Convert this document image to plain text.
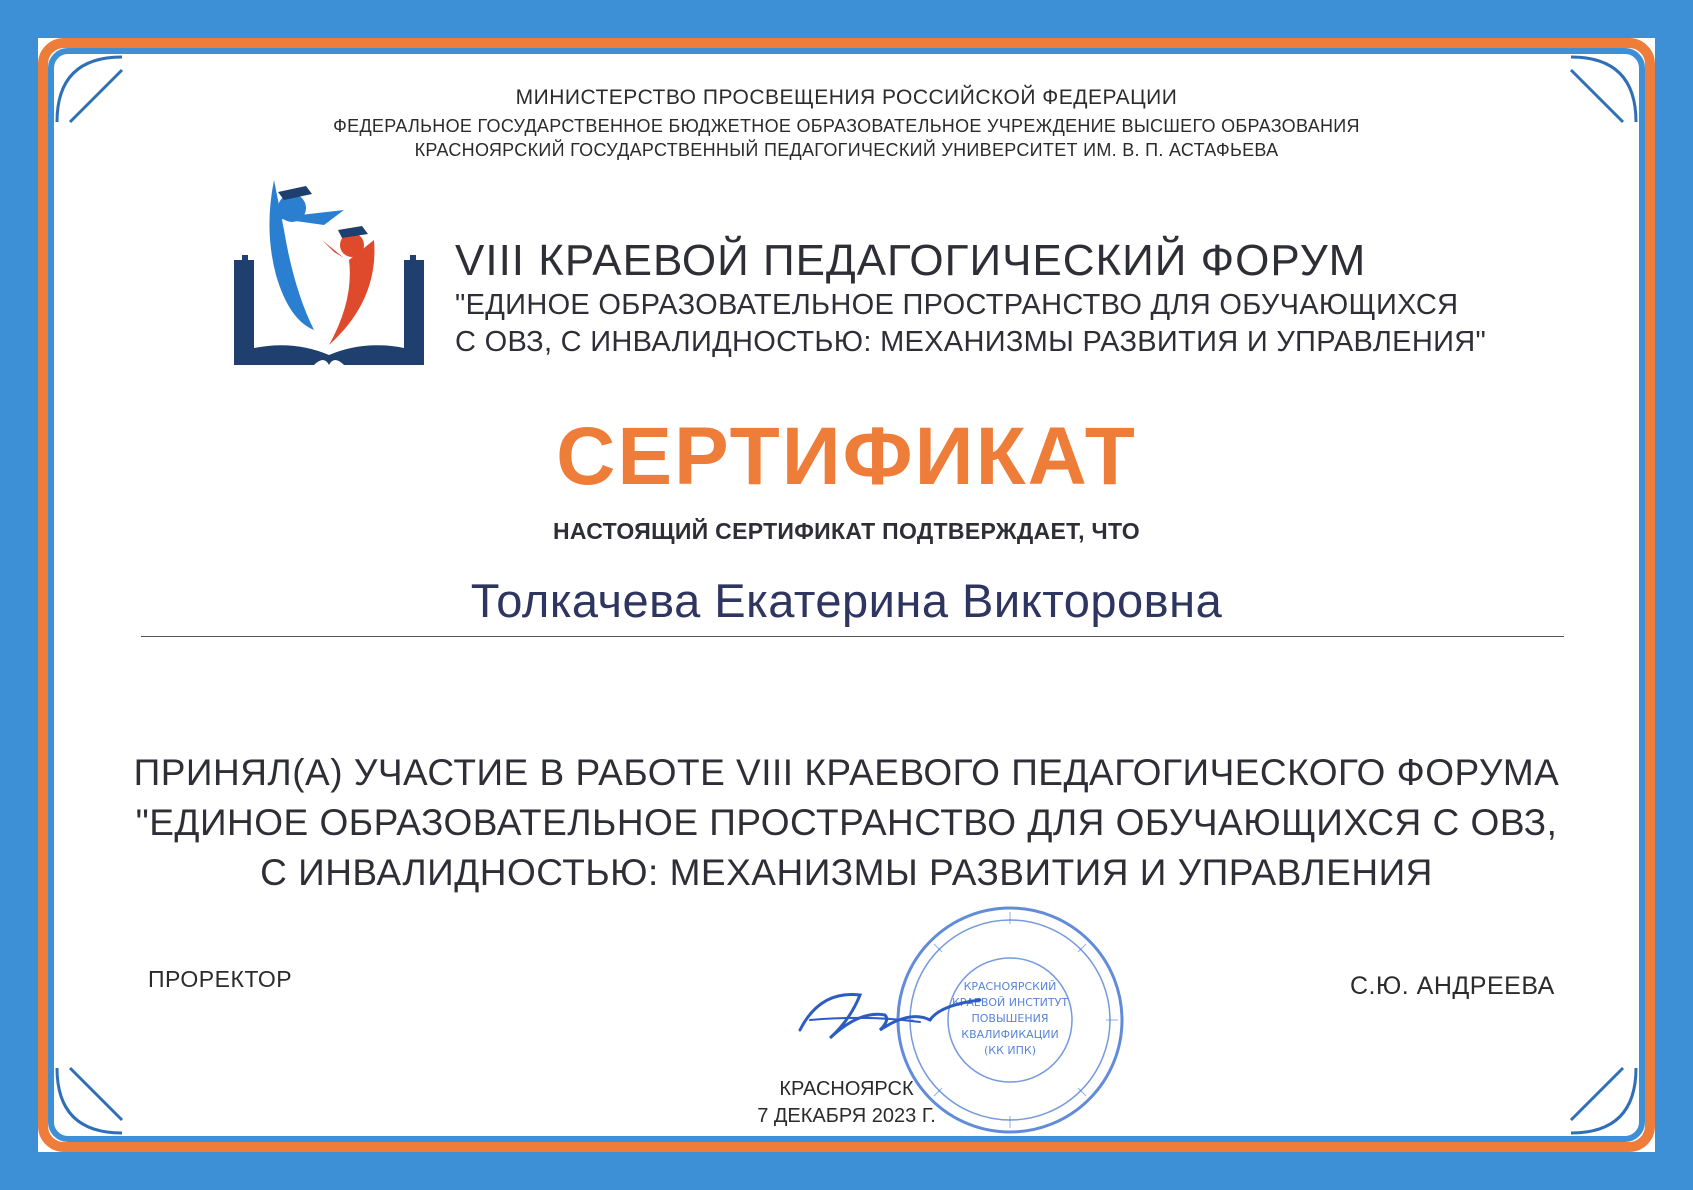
МИНИСТЕРСТВО ПРОСВЕЩЕНИЯ РОССИЙСКОЙ ФЕДЕРАЦИИ
ФЕДЕРАЛЬНОЕ ГОСУДАРСТВЕННОЕ БЮДЖЕТНОЕ ОБРАЗОВАТЕЛЬНОЕ УЧРЕЖДЕНИЕ ВЫСШЕГО ОБРАЗОВАНИЯ
КРАСНОЯРСКИЙ ГОСУДАРСТВЕННЫЙ ПЕДАГОГИЧЕСКИЙ УНИВЕРСИТЕТ ИМ. В. П. АСТАФЬЕВА
VIII КРАЕВОЙ ПЕДАГОГИЧЕСКИЙ ФОРУМ
"ЕДИНОЕ ОБРАЗОВАТЕЛЬНОЕ ПРОСТРАНСТВО ДЛЯ ОБУЧАЮЩИХСЯ
С ОВЗ, С ИНВАЛИДНОСТЬЮ: МЕХАНИЗМЫ РАЗВИТИЯ И УПРАВЛЕНИЯ"
СЕРТИФИКАТ
НАСТОЯЩИЙ СЕРТИФИКАТ ПОДТВЕРЖДАЕТ, ЧТО
Толкачева Екатерина Викторовна
ПРИНЯЛ(А) УЧАСТИЕ В РАБОТЕ VIII КРАЕВОГО ПЕДАГОГИЧЕСКОГО ФОРУМА
"ЕДИНОЕ ОБРАЗОВАТЕЛЬНОЕ ПРОСТРАНСТВО ДЛЯ ОБУЧАЮЩИХСЯ С ОВЗ,
С ИНВАЛИДНОСТЬЮ: МЕХАНИЗМЫ РАЗВИТИЯ И УПРАВЛЕНИЯ
ПРОРЕКТОР	С.Ю. АНДРЕЕВА
КРАСНОЯРСКИЙ
КРАЕВОЙ ИНСТИТУТ
ПОВЫШЕНИЯ
КВАЛИФИКАЦИИ
(КК ИПК)
КРАСНОЯРСК
7 ДЕКАБРЯ 2023 Г.
